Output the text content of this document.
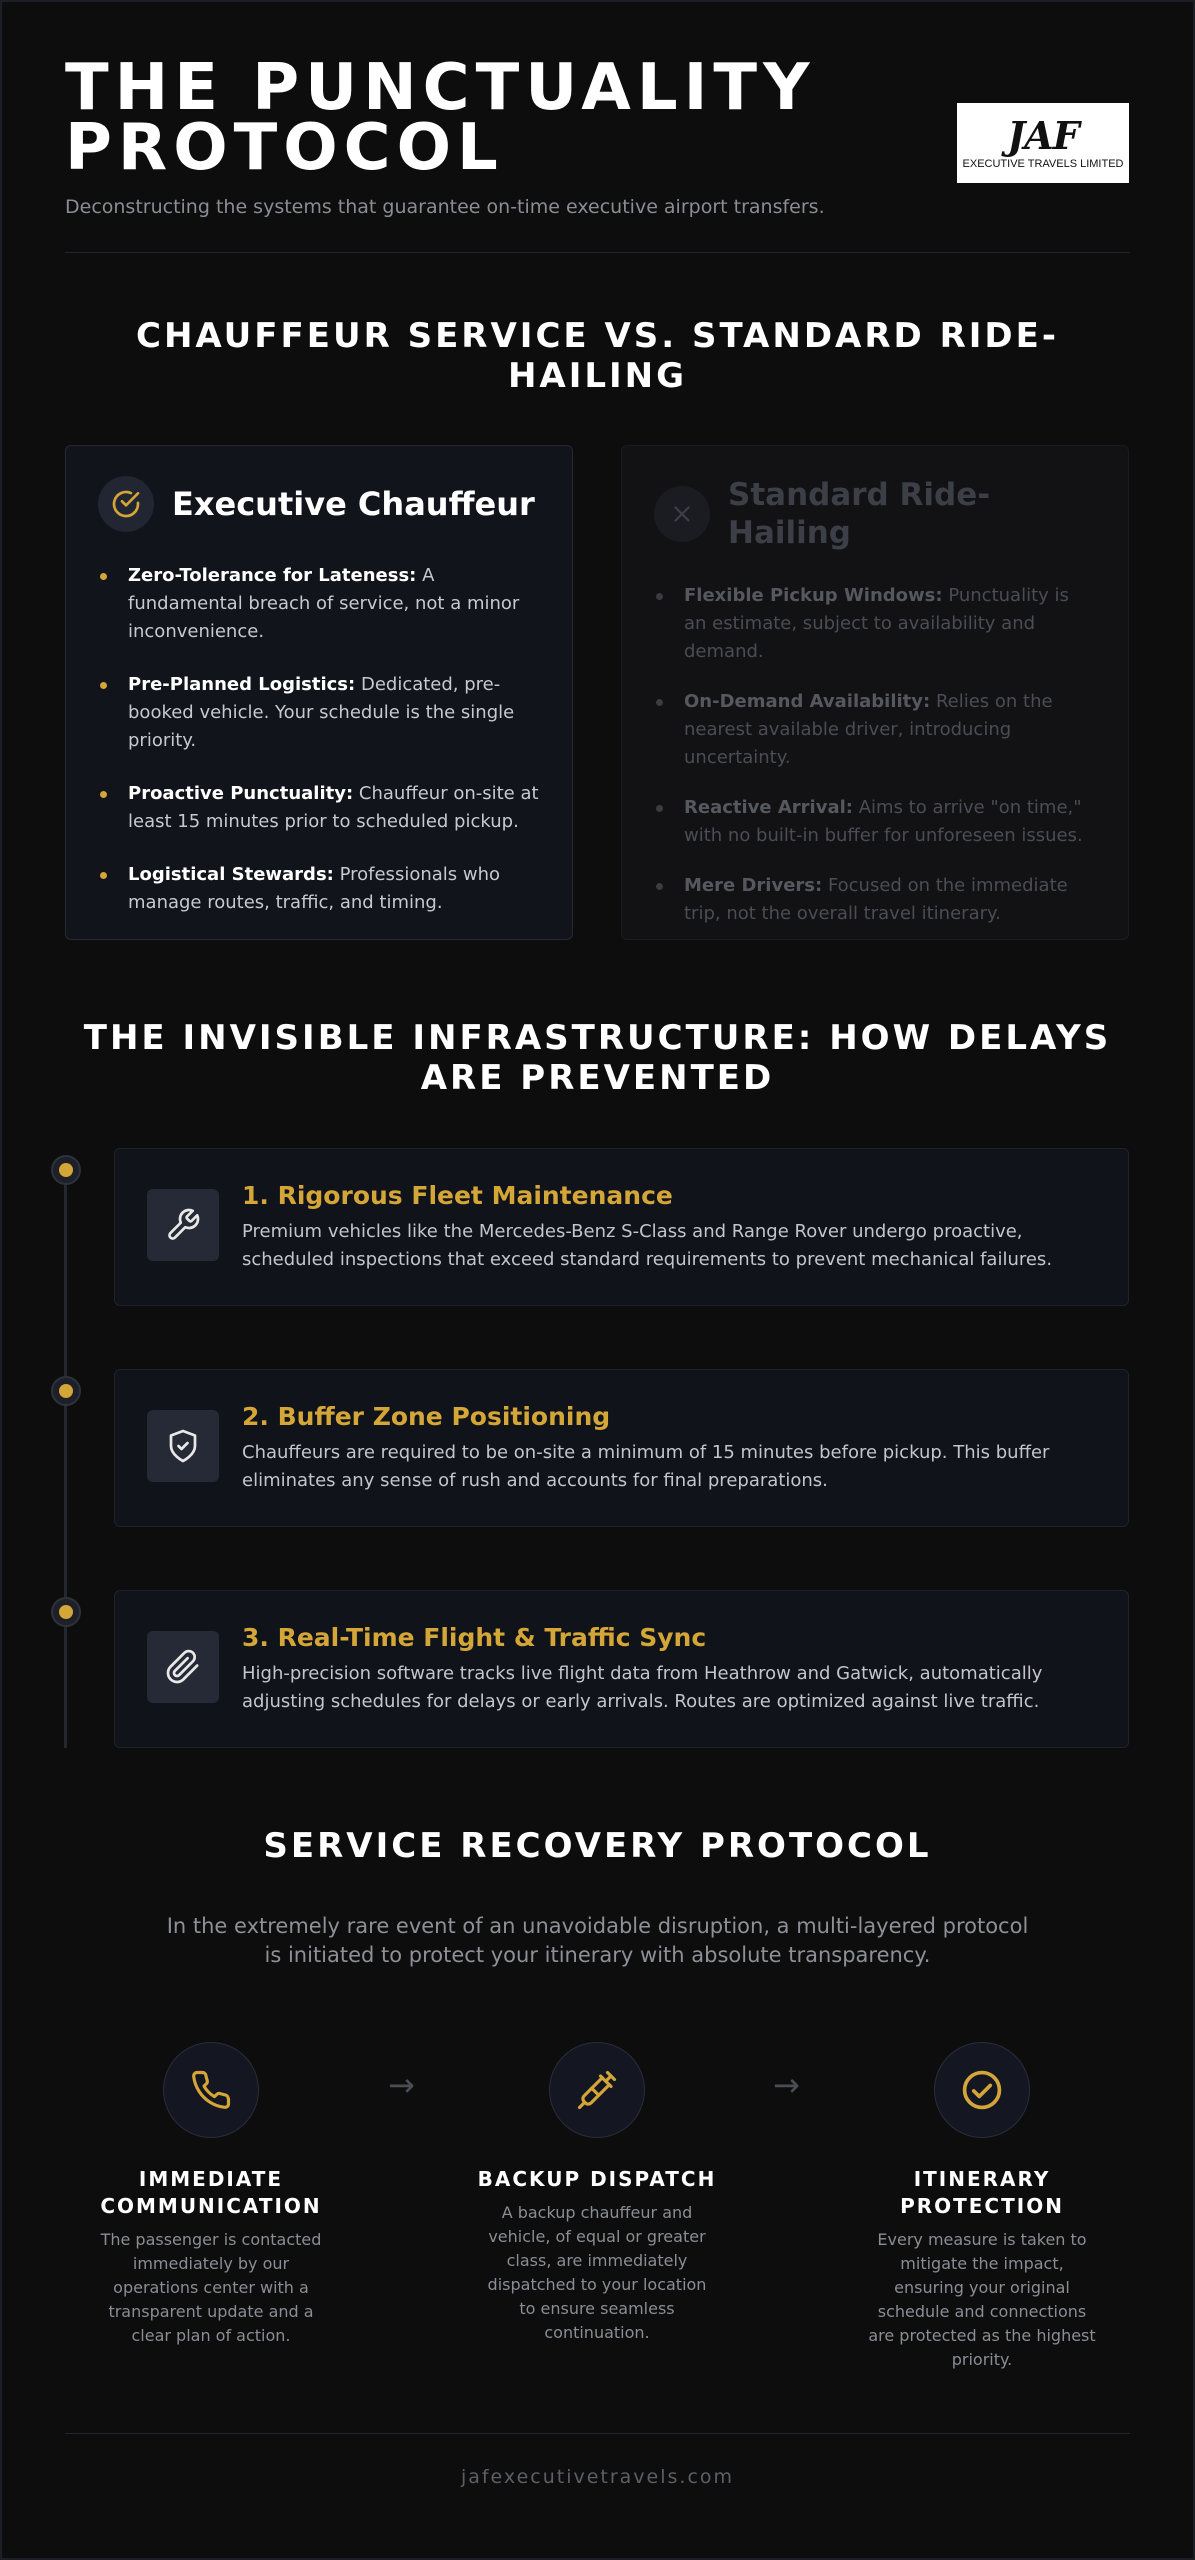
THE PUNCTUALITY PROTOCOL	JAF
EXECUTIVE TRAVELS LIMITED

Deconstructing the systems that guarantee on-time executive airport transfers.

CHAUFFEUR SERVICE VS. STANDARD RIDE-HAILING
Executive Chauffeur
Zero-Tolerance for Lateness: A fundamental breach of service, not a minor inconvenience.
Pre-Planned Logistics: Dedicated, pre-booked vehicle. Your schedule is the single priority.
Proactive Punctuality: Chauffeur on-site at least 15 minutes prior to scheduled pickup.
Logistical Stewards: Professionals who manage routes, traffic, and timing.
Standard Ride-Hailing
Flexible Pickup Windows: Punctuality is an estimate, subject to availability and demand.
On-Demand Availability: Relies on the nearest available driver, introducing uncertainty.
Reactive Arrival: Aims to arrive "on time," with no built-in buffer for unforeseen issues.
Mere Drivers: Focused on the immediate trip, not the overall travel itinerary.
THE INVISIBLE INFRASTRUCTURE: HOW DELAYS ARE PREVENTED
1. Rigorous Fleet Maintenance

Premium vehicles like the Mercedes-Benz S-Class and Range Rover undergo proactive, scheduled inspections that exceed standard requirements to prevent mechanical failures.

2. Buffer Zone Positioning

Chauffeurs are required to be on-site a minimum of 15 minutes before pickup. This buffer eliminates any sense of rush and accounts for final preparations.

3. Real-Time Flight & Traffic Sync

High-precision software tracks live flight data from Heathrow and Gatwick, automatically adjusting schedules for delays or early arrivals. Routes are optimized against live traffic.

SERVICE RECOVERY PROTOCOL

In the extremely rare event of an unavoidable disruption, a multi-layered protocol is initiated to protect your itinerary with absolute transparency.

IMMEDIATE COMMUNICATION

The passenger is contacted immediately by our operations center with a transparent update and a clear plan of action.

→
BACKUP DISPATCH

A backup chauffeur and vehicle, of equal or greater class, are immediately dispatched to your location to ensure seamless continuation.

→
ITINERARY PROTECTION

Every measure is taken to mitigate the impact, ensuring your original schedule and connections are protected as the highest priority.

jafexecutivetravels.com
